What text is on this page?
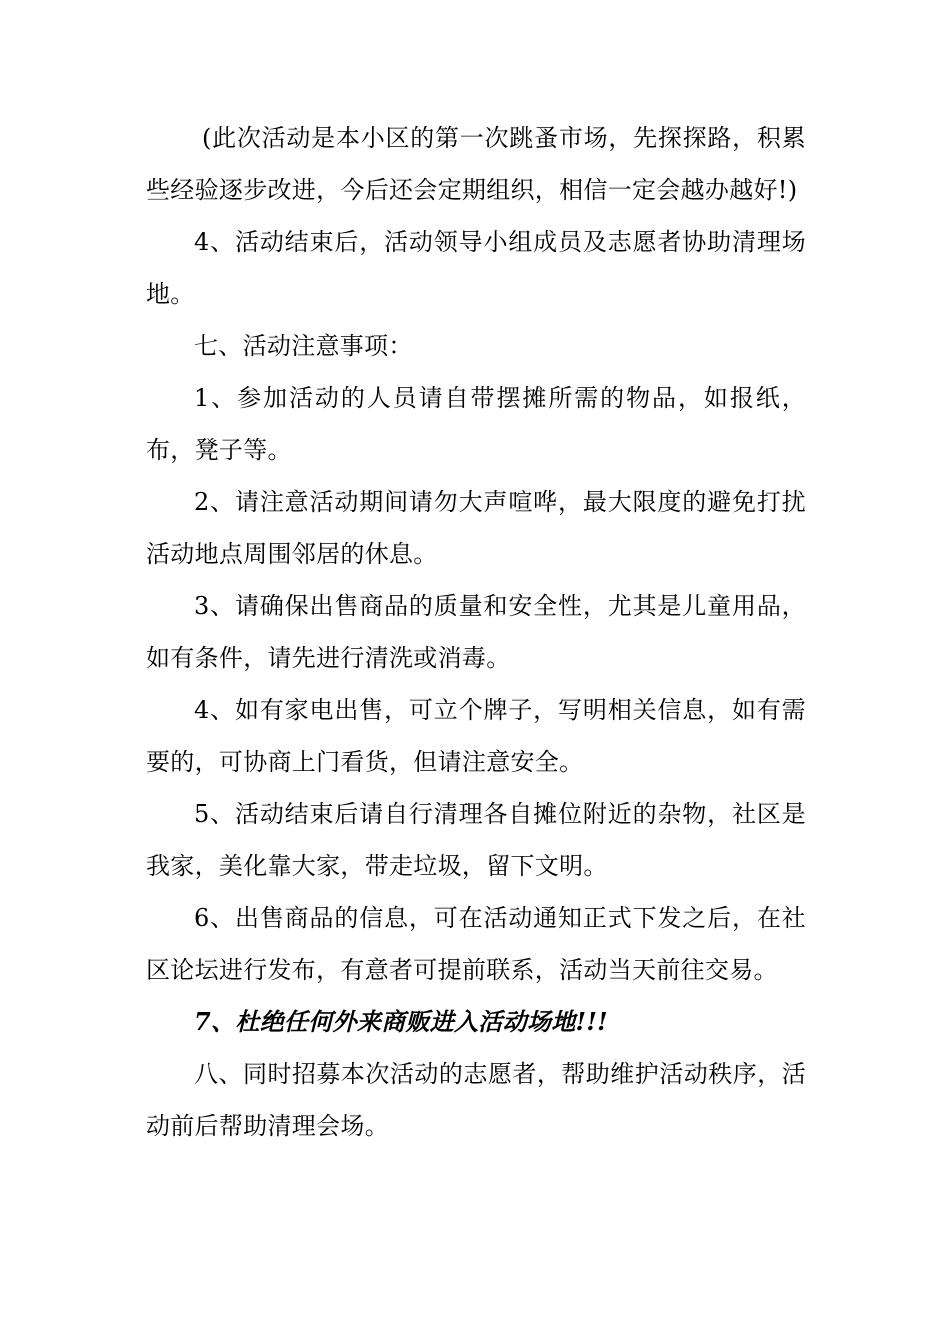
(此次活动是本小区的第一次跳蚤市场，先探探路，积累些经验逐步改进，今后还会定期组织，相信一定会越办越好!)

4、活动结束后，活动领导小组成员及志愿者协助清理场地。

七、活动注意事项：

1、参加活动的人员请自带摆摊所需的物品，如报纸，布，凳子等。

2、请注意活动期间请勿大声喧哗，最大限度的避免打扰活动地点周围邻居的休息。

3、请确保出售商品的质量和安全性，尤其是儿童用品，如有条件，请先进行清洗或消毒。

4、如有家电出售，可立个牌子，写明相关信息，如有需要的，可协商上门看货，但请注意安全。

5、活动结束后请自行清理各自摊位附近的杂物，社区是我家，美化靠大家，带走垃圾，留下文明。

6、出售商品的信息，可在活动通知正式下发之后，在社区论坛进行发布，有意者可提前联系，活动当天前往交易。

7、杜绝任何外来商贩进入活动场地!!!

八、同时招募本次活动的志愿者，帮助维护活动秩序，活动前后帮助清理会场。
